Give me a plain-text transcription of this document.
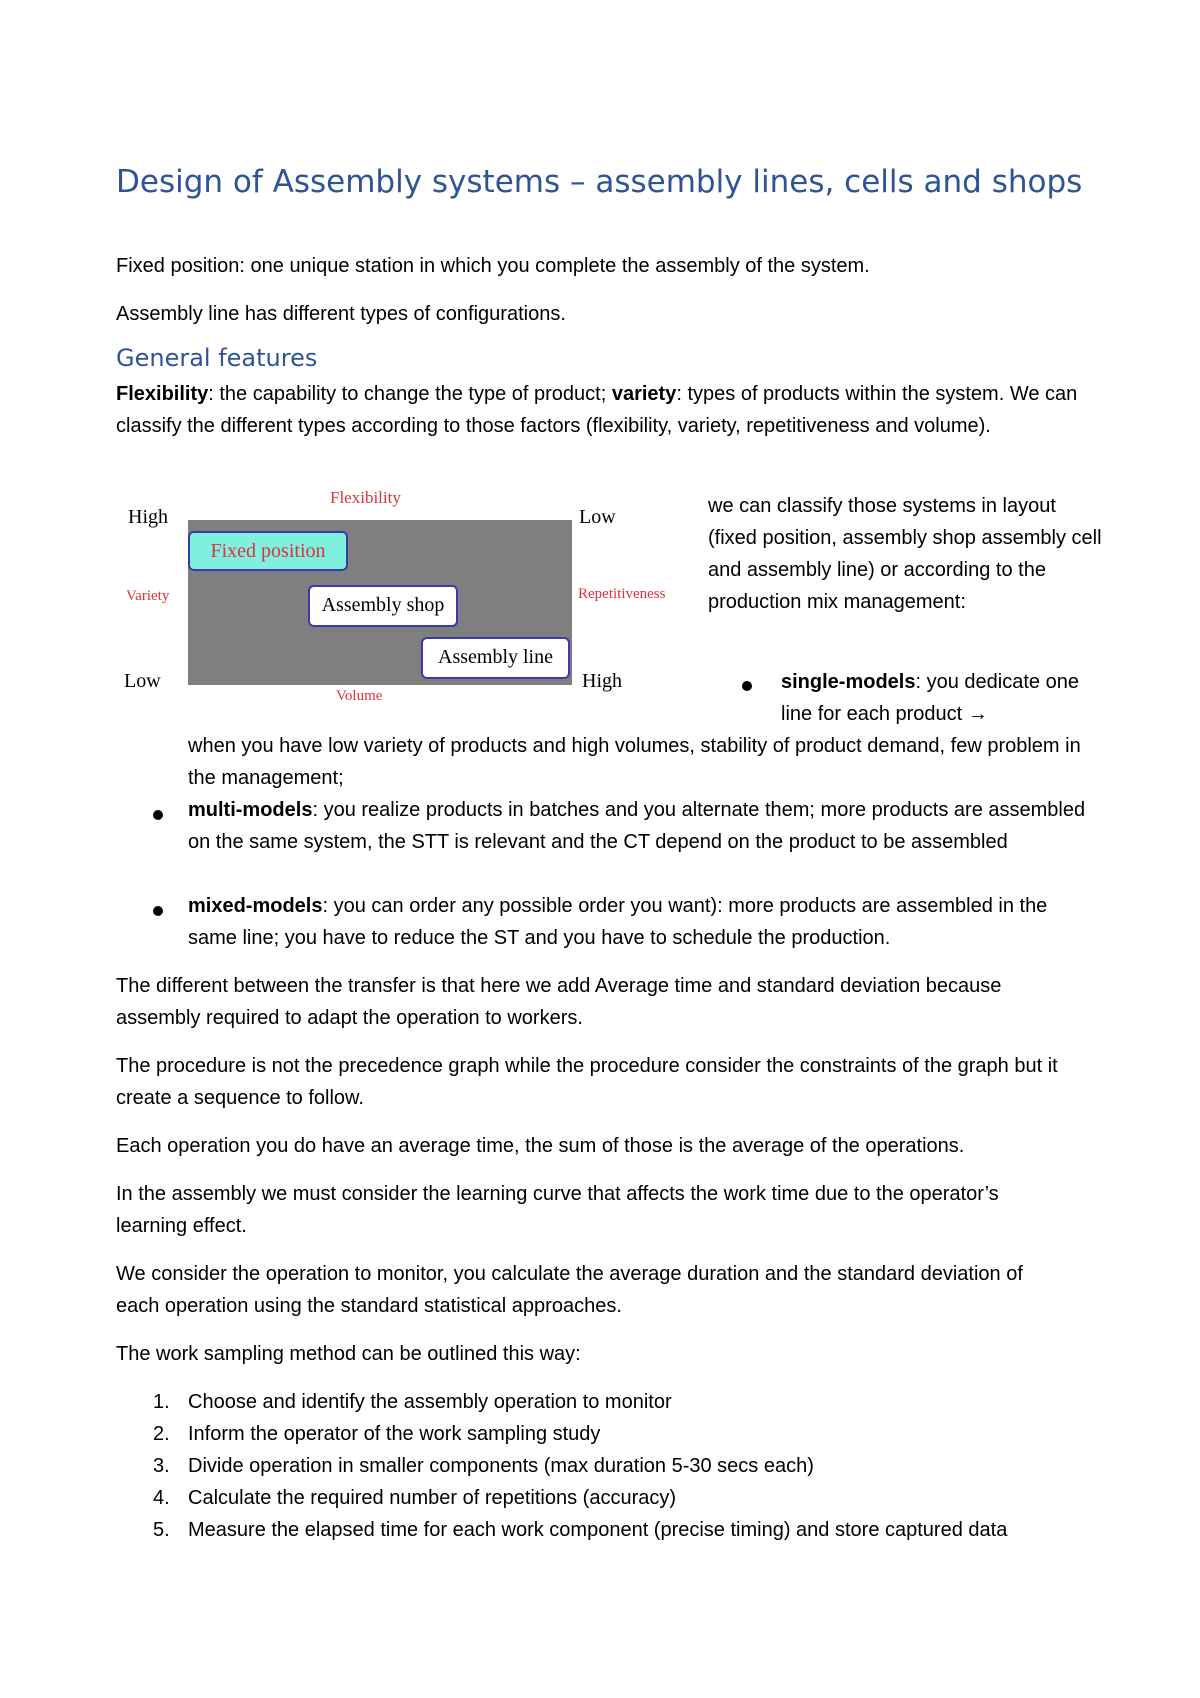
Design of Assembly systems – assembly lines, cells and shops

Fixed position: one unique station in which you complete the assembly of the system.

Assembly line has different types of configurations.

General features

Flexibility: the capability to change the type of product; variety: types of products within the system. We can classify the different types according to those factors (flexibility, variety, repetitiveness and volume).

Flexibility
High	Low
Variety	Repetitiveness
Low	High
Volume
Fixed position
Assembly shop
Assembly line
we can classify those systems in layout (fixed position, assembly shop assembly cell and assembly line) or according to the production mix management:
single-models: you dedicate one line for each product →
when you have low variety of products and high volumes, stability of product demand, few problem in the management;
multi-models: you realize products in batches and you alternate them; more products are assembled on the same system, the STT is relevant and the CT depend on the product to be assembled
mixed-models: you can order any possible order you want): more products are assembled in the same line; you have to reduce the ST and you have to schedule the production.

The different between the transfer is that here we add Average time and standard deviation because assembly required to adapt the operation to workers.

The procedure is not the precedence graph while the procedure consider the constraints of the graph but it create a sequence to follow.

Each operation you do have an average time, the sum of those is the average of the operations.

In the assembly we must consider the learning curve that affects the work time due to the operator’s learning effect.

We consider the operation to monitor, you calculate the average duration and the standard deviation of each operation using the standard statistical approaches.

The work sampling method can be outlined this way:

1. Choose and identify the assembly operation to monitor
2. Inform the operator of the work sampling study
3. Divide operation in smaller components (max duration 5-30 secs each)
4. Calculate the required number of repetitions (accuracy)
5. Measure the elapsed time for each work component (precise timing) and store captured data
